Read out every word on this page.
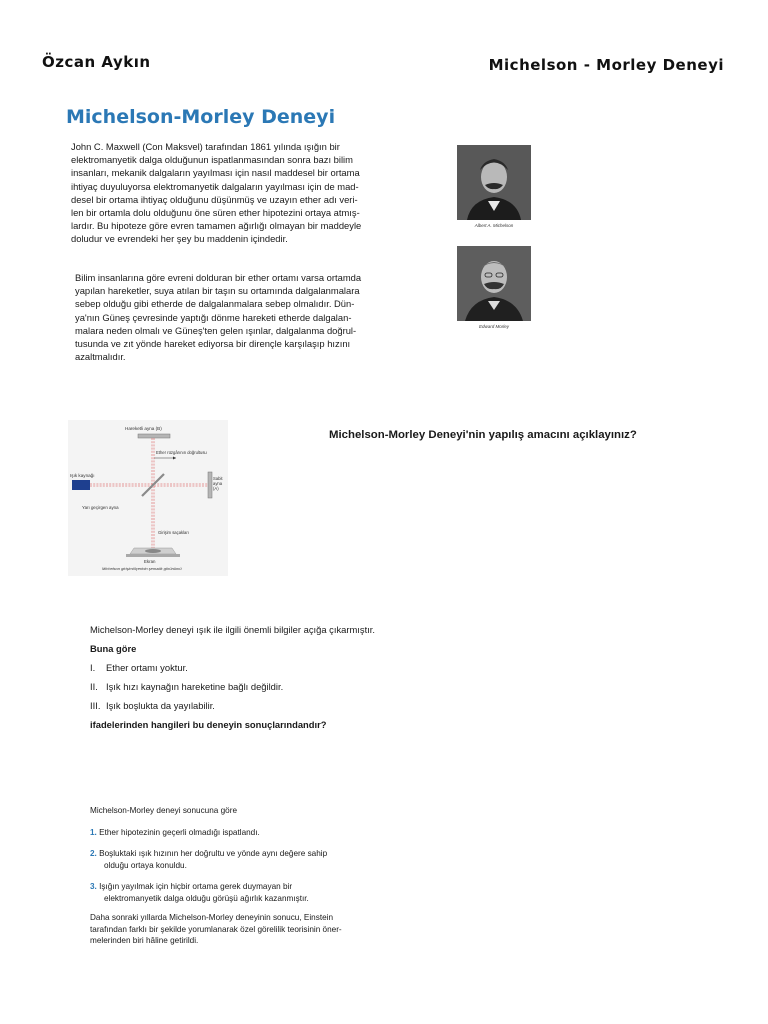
Özcan Aykın	Michelson - Morley Deneyi
Michelson-Morley Deneyi
John C. Maxwell (Con Maksvel) tarafından 1861 yılında ışığın bir
elektromanyetik dalga olduğunun ispatlanmasından sonra bazı bilim
insanları, mekanik dalgaların yayılması için nasıl maddesel bir ortama
ihtiyaç duyuluyorsa elektromanyetik dalgaların yayılması için de mad-
desel bir ortama ihtiyaç olduğunu düşünmüş ve uzayın ether adı veri-
len bir ortamla dolu olduğunu öne süren ether hipotezini ortaya atmış-
lardır. Bu hipoteze göre evren tamamen ağırlığı olmayan bir maddeyle
doludur ve evrendeki her şey bu maddenin içindedir.
Bilim insanlarına göre evreni dolduran bir ether ortamı varsa ortamda
yapılan hareketler, suya atılan bir taşın su ortamında dalgalanmalara
sebep olduğu gibi etherde de dalgalanmalara sebep olmalıdır. Dün-
ya'nın Güneş çevresinde yaptığı dönme hareketi etherde dalgalan-
malara neden olmalı ve Güneş'ten gelen ışınlar, dalgalanma doğrul-
tusunda ve zıt yönde hareket ediyorsa bir dirençle karşılaşıp hızını
azaltmalıdır.
Albert A. Michelson
Edward Morley
Hareketli ayna (B)
Ether rüzgârının doğrultusu
Işık kaynağı
Yarı geçirgen ayna
Sabit
ayna
(A)
Girişim saçakları
Ekran
Michelson girişimölçerinin şematik görünümü
Michelson-Morley Deneyi'nin yapılış amacını açıklayınız?
Michelson-Morley deneyi ışık ile ilgili önemli bilgiler açığa çıkarmıştır.
Buna göre
I. Ether ortamı yoktur.
II. Işık hızı kaynağın hareketine bağlı değildir.
III. Işık boşlukta da yayılabilir.
ifadelerinden hangileri bu deneyin sonuçlarındandır?
Michelson-Morley deneyi sonucuna göre
1. Ether hipotezinin geçerli olmadığı ispatlandı.
2. Boşluktaki ışık hızının her doğrultu ve yönde aynı değere sahip
olduğu ortaya konuldu.
3. Işığın yayılmak için hiçbir ortama gerek duymayan bir
elektromanyetik dalga olduğu görüşü ağırlık kazanmıştır.
Daha sonraki yıllarda Michelson-Morley deneyinin sonucu, Einstein
tarafından farklı bir şekilde yorumlanarak özel görelilik teorisinin öner-
melerinden biri hâline getirildi.
